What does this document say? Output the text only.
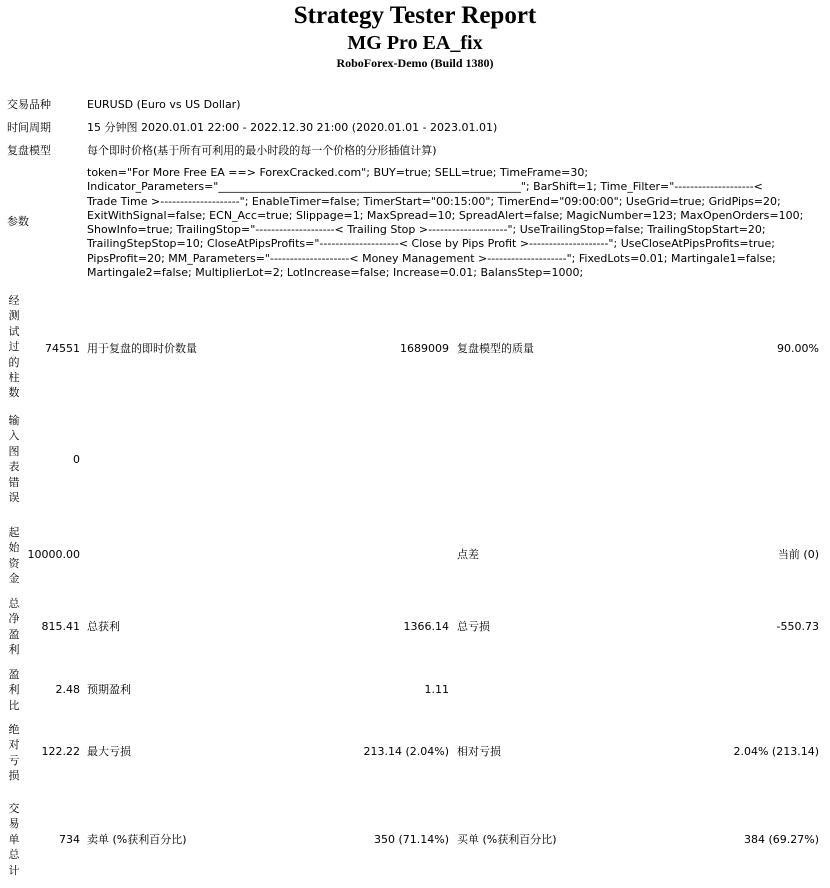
Strategy Tester Report
MG Pro EA_fix
RoboForex-Demo (Build 1380)
交易品种	EURUSD (Euro vs US Dollar)
时间周期	15 分钟图 2020.01.01 22:00 - 2022.12.30 21:00 (2020.01.01 - 2023.01.01)
复盘模型	每个即时价格(基于所有可利用的最小时段的每一个价格的分形插值计算)
参数
token="For More Free EA ==> ForexCracked.com"; BUY=true; SELL=true; TimeFrame=30;
Indicator_Parameters="_______________________________________________________"; BarShift=1; Time_Filter="--------------------<
Trade Time >--------------------"; EnableTimer=false; TimerStart="00:15:00"; TimerEnd="09:00:00"; UseGrid=true; GridPips=20;
ExitWithSignal=false; ECN_Acc=true; Slippage=1; MaxSpread=10; SpreadAlert=false; MagicNumber=123; MaxOpenOrders=100;
ShowInfo=true; TrailingStop="--------------------< Trailing Stop >--------------------"; UseTrailingStop=false; TrailingStopStart=20;
TrailingStepStop=10; CloseAtPipsProfits="--------------------< Close by Pips Profit >--------------------"; UseCloseAtPipsProfits=true;
PipsProfit=20; MM_Parameters="--------------------< Money Management >--------------------"; FixedLots=0.01; Martingale1=false;
Martingale2=false; MultiplierLot=2; LotIncrease=false; Increase=0.01; BalansStep=1000;
经测试过的柱数
74551 用于复盘的即时价数量	1689009 复盘模型的质量	90.00%
输入图表错误
0
起始资金
10000.00	点差	当前 (0)
总净盈利
815.41 总获利	1366.14 总亏损	-550.73
盈利比
2.48 预期盈利	1.11
绝对亏损
122.22 最大亏损	213.14 (2.04%) 相对亏损	2.04% (213.14)
交易单总计
734 卖单 (%获利百分比)	350 (71.14%) 买单 (%获利百分比)	384 (69.27%)
